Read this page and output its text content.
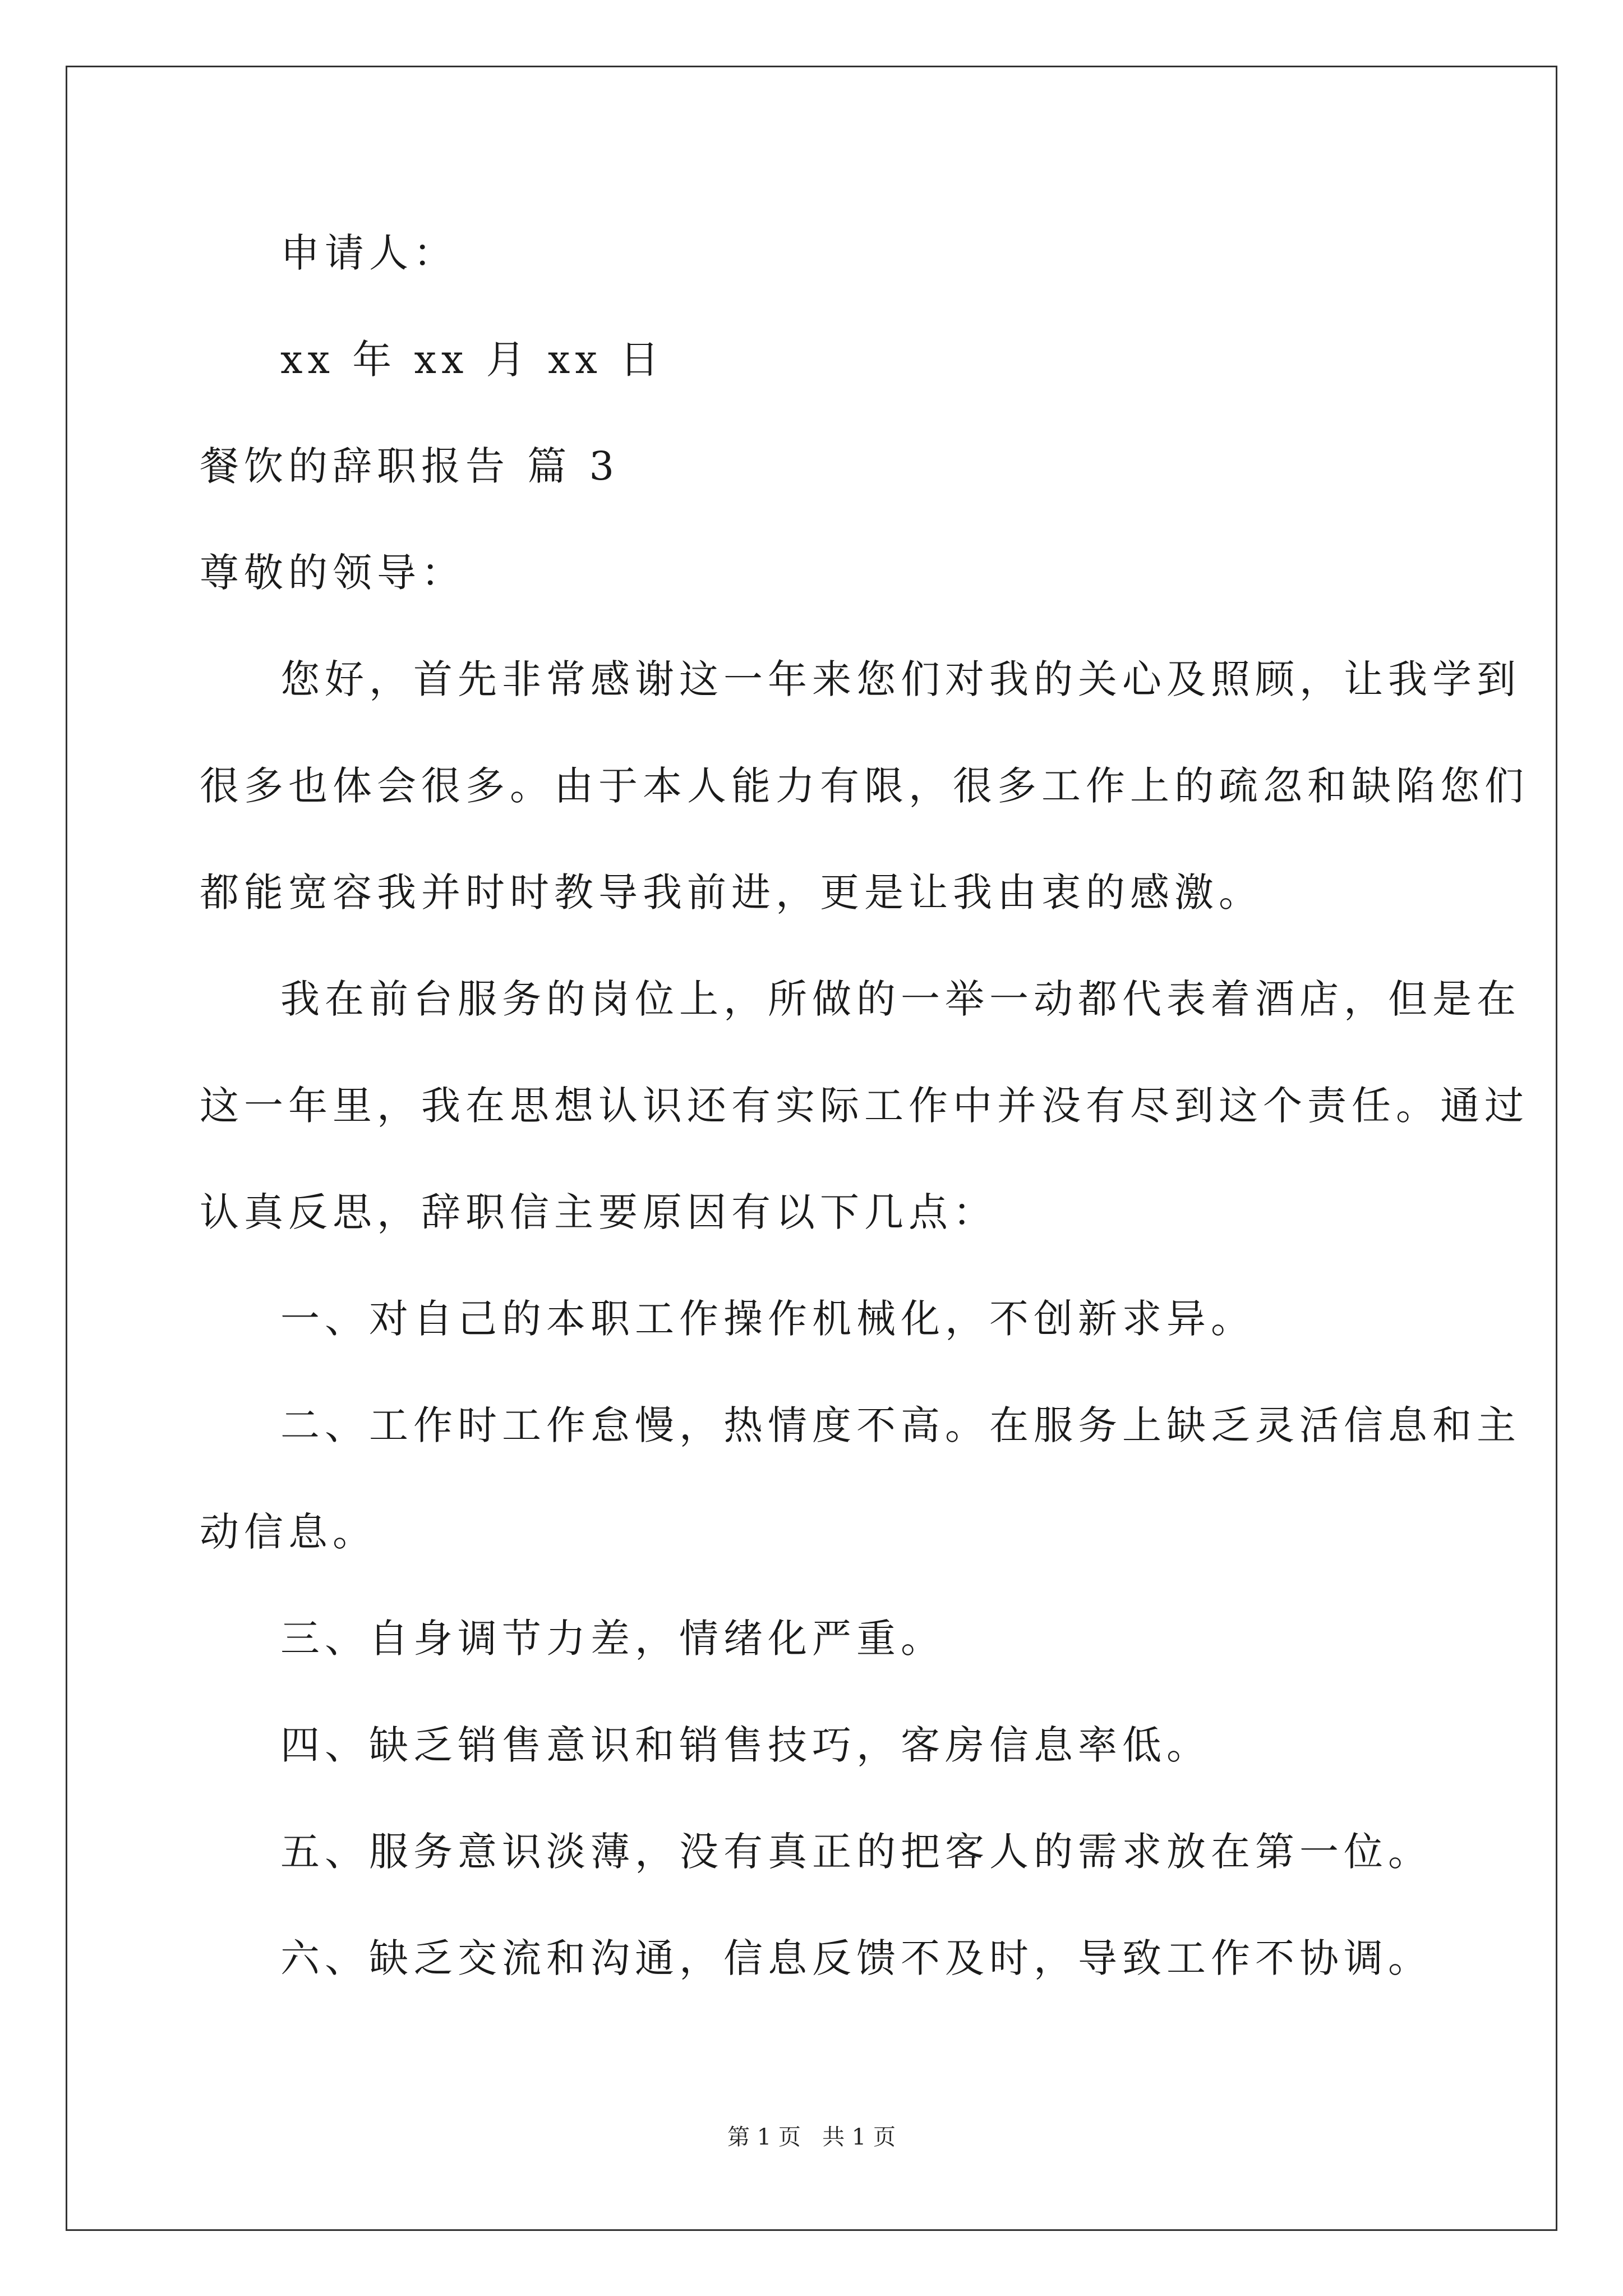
申请人：
xx 年 xx 月 xx 日
餐饮的辞职报告 篇 3
尊敬的领导：
您好，首先非常感谢这一年来您们对我的关心及照顾，让我学到
很多也体会很多。由于本人能力有限，很多工作上的疏忽和缺陷您们
都能宽容我并时时教导我前进，更是让我由衷的感激。
我在前台服务的岗位上，所做的一举一动都代表着酒店，但是在
这一年里，我在思想认识还有实际工作中并没有尽到这个责任。通过
认真反思，辞职信主要原因有以下几点：
一、对自己的本职工作操作机械化，不创新求异。
二、工作时工作怠慢，热情度不高。在服务上缺乏灵活信息和主
动信息。
三、自身调节力差，情绪化严重。
四、缺乏销售意识和销售技巧，客房信息率低。
五、服务意识淡薄，没有真正的把客人的需求放在第一位。
六、缺乏交流和沟通，信息反馈不及时，导致工作不协调。
第 1 页   共 1 页
